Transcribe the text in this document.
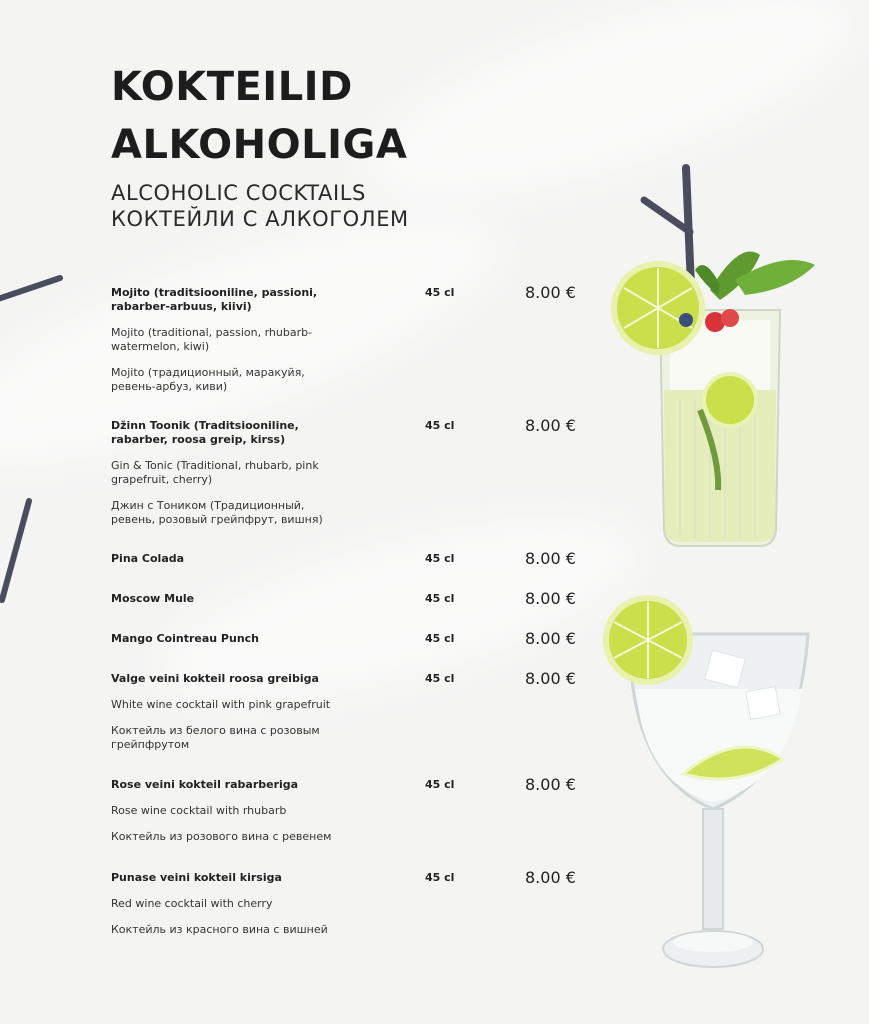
KOKTEILID
ALKOHOLIGA
ALCOHOLIC COCKTAILS
КОКТЕЙЛИ С АЛКОГОЛЕМ
Mojito (traditsiooniline, passioni, rabarber-arbuus, kiivi)
Mojito (traditional, passion, rhubarb-watermelon, kiwi)
Mojito (традиционный, маракуйя, ревень-арбуз, киви)
45 cl	8.00 €
Džinn Toonik (Traditsiooniline, rabarber, roosa greip, kirss)
Gin & Tonic (Traditional, rhubarb, pink grapefruit, cherry)
Джин с Тоником (Традиционный, ревень, розовый грейпфрут, вишня)
45 cl	8.00 €
Pina Colada	45 cl	8.00 €
Moscow Mule	45 cl	8.00 €
Mango Cointreau Punch	45 cl	8.00 €
Valge veini kokteil roosa greibiga
White wine cocktail with pink grapefruit
Коктейль из белого вина с розовым грейпфрутом
45 cl	8.00 €
Rose veini kokteil rabarberiga
Rose wine cocktail with rhubarb
Коктейль из розового вина с ревенем
45 cl	8.00 €
Punase veini kokteil kirsiga
Red wine cocktail with cherry
Коктейль из красного вина с вишней
45 cl	8.00 €
